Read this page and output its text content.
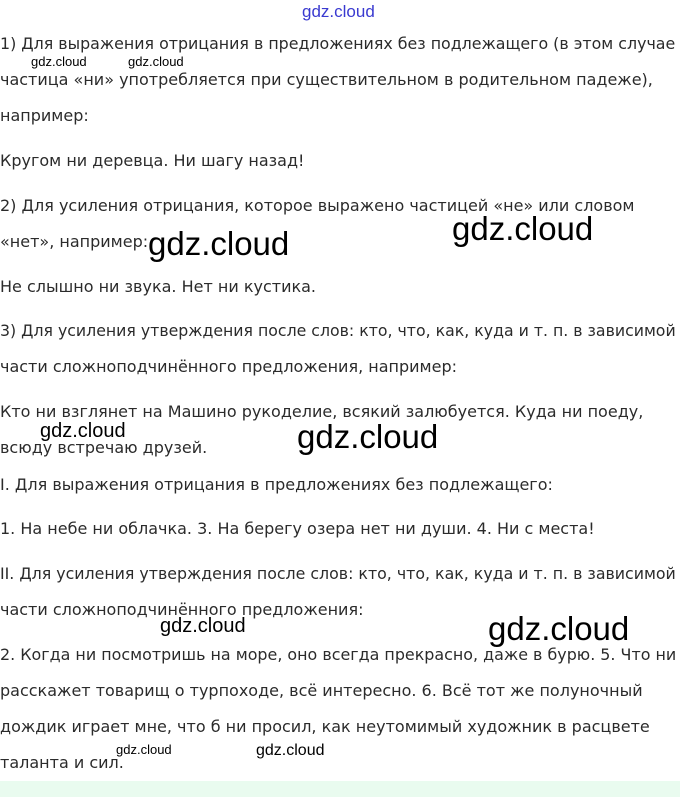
1) Для выражения отрицания в предложениях без подлежащего (в этом случае
частица «ни» употребляется при существительном в родительном падеже),
например:
Кругом ни деревца. Ни шагу назад!
2) Для усиления отрицания, которое выражено частицей «не» или словом
«нет», например:
Не слышно ни звука. Нет ни кустика.
3) Для усиления утверждения после слов: кто, что, как, куда и т. п. в зависимой
части сложноподчинённого предложения, например:
Кто ни взглянет на Машино рукоделие, всякий залюбуется. Куда ни поеду,
всюду встречаю друзей.
I. Для выражения отрицания в предложениях без подлежащего:
1. На небе ни облачка. 3. На берегу озера нет ни души. 4. Ни с места!
II. Для усиления утверждения после слов: кто, что, как, куда и т. п. в зависимой
части сложноподчинённого предложения:
2. Когда ни посмотришь на море, оно всегда прекрасно, даже в бурю. 5. Что ни
расскажет товарищ о турпоходе, всё интересно. 6. Всё тот же полуночный
дождик играет мне, что б ни просил, как неутомимый художник в расцвете
таланта и сил.
gdz.cloud
gdz.cloud	gdz.cloud
gdz.cloud	gdz.cloud
gdz.cloud	gdz.cloud
gdz.cloud	gdz.cloud
gdz.cloud	gdz.cloud
